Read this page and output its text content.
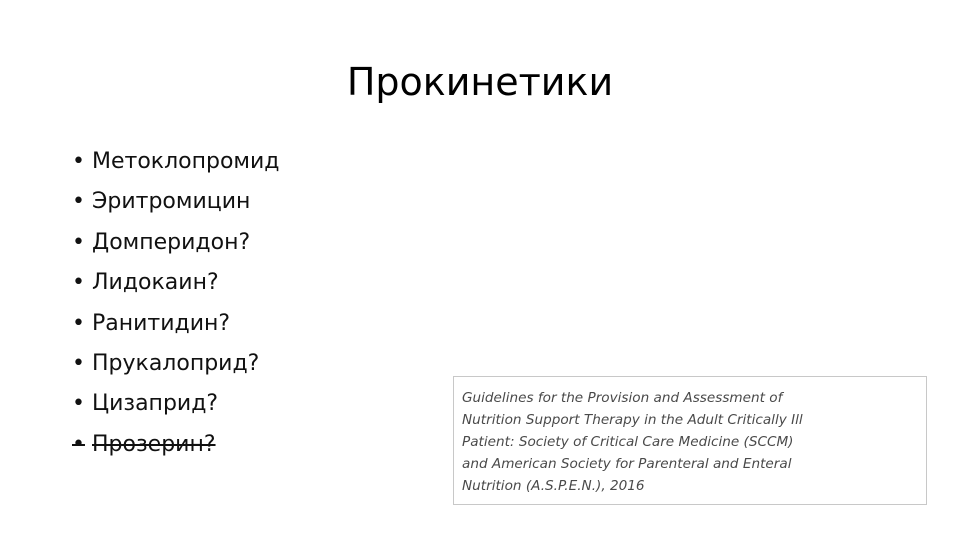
Прокинетики
• Метоклопромид
• Эритромицин
• Домперидон?
• Лидокаин?
• Ранитидин?
• Прукалоприд?
• Цизаприд?
• Прозерин?

Guidelines for the Provision and Assessment of
Nutrition Support Therapy in the Adult Critically Ill
Patient: Society of Critical Care Medicine (SCCM)
and American Society for Parenteral and Enteral
Nutrition (A.S.P.E.N.), 2016
